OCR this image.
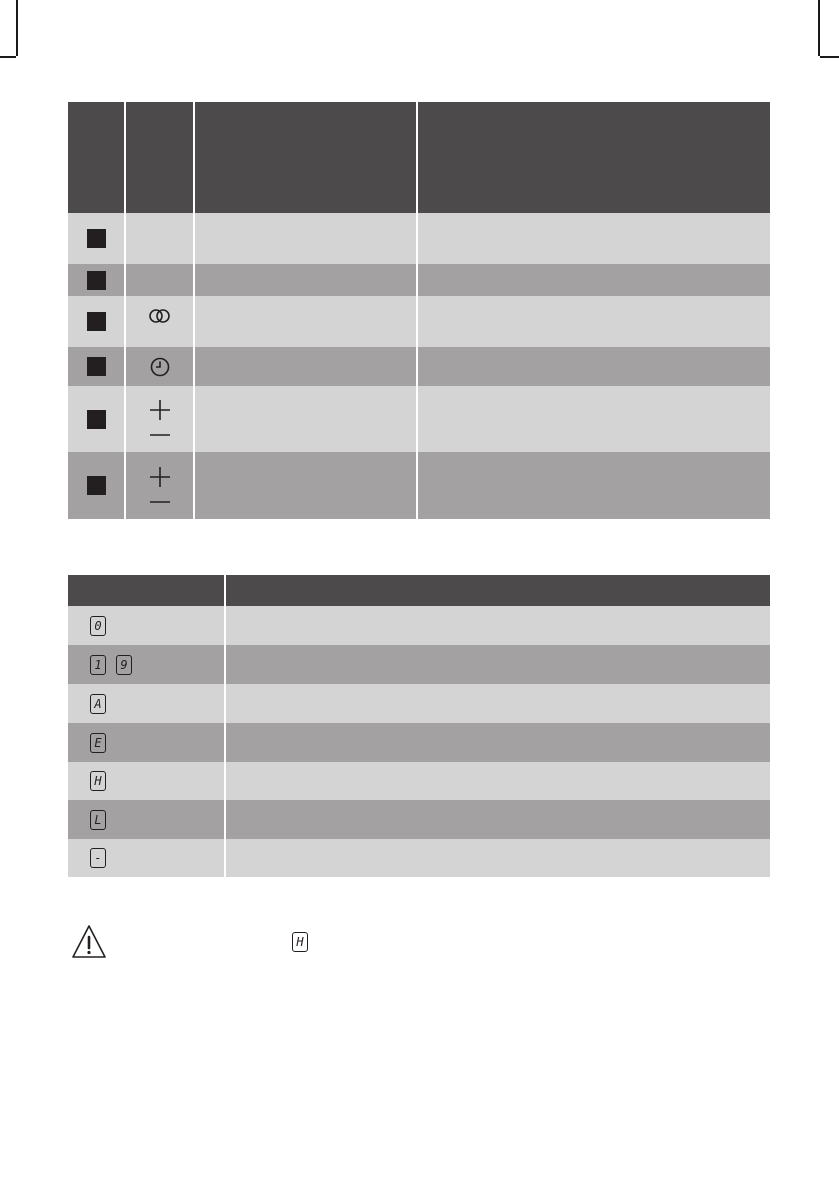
0
1	9
A
E
H
L
-
H
